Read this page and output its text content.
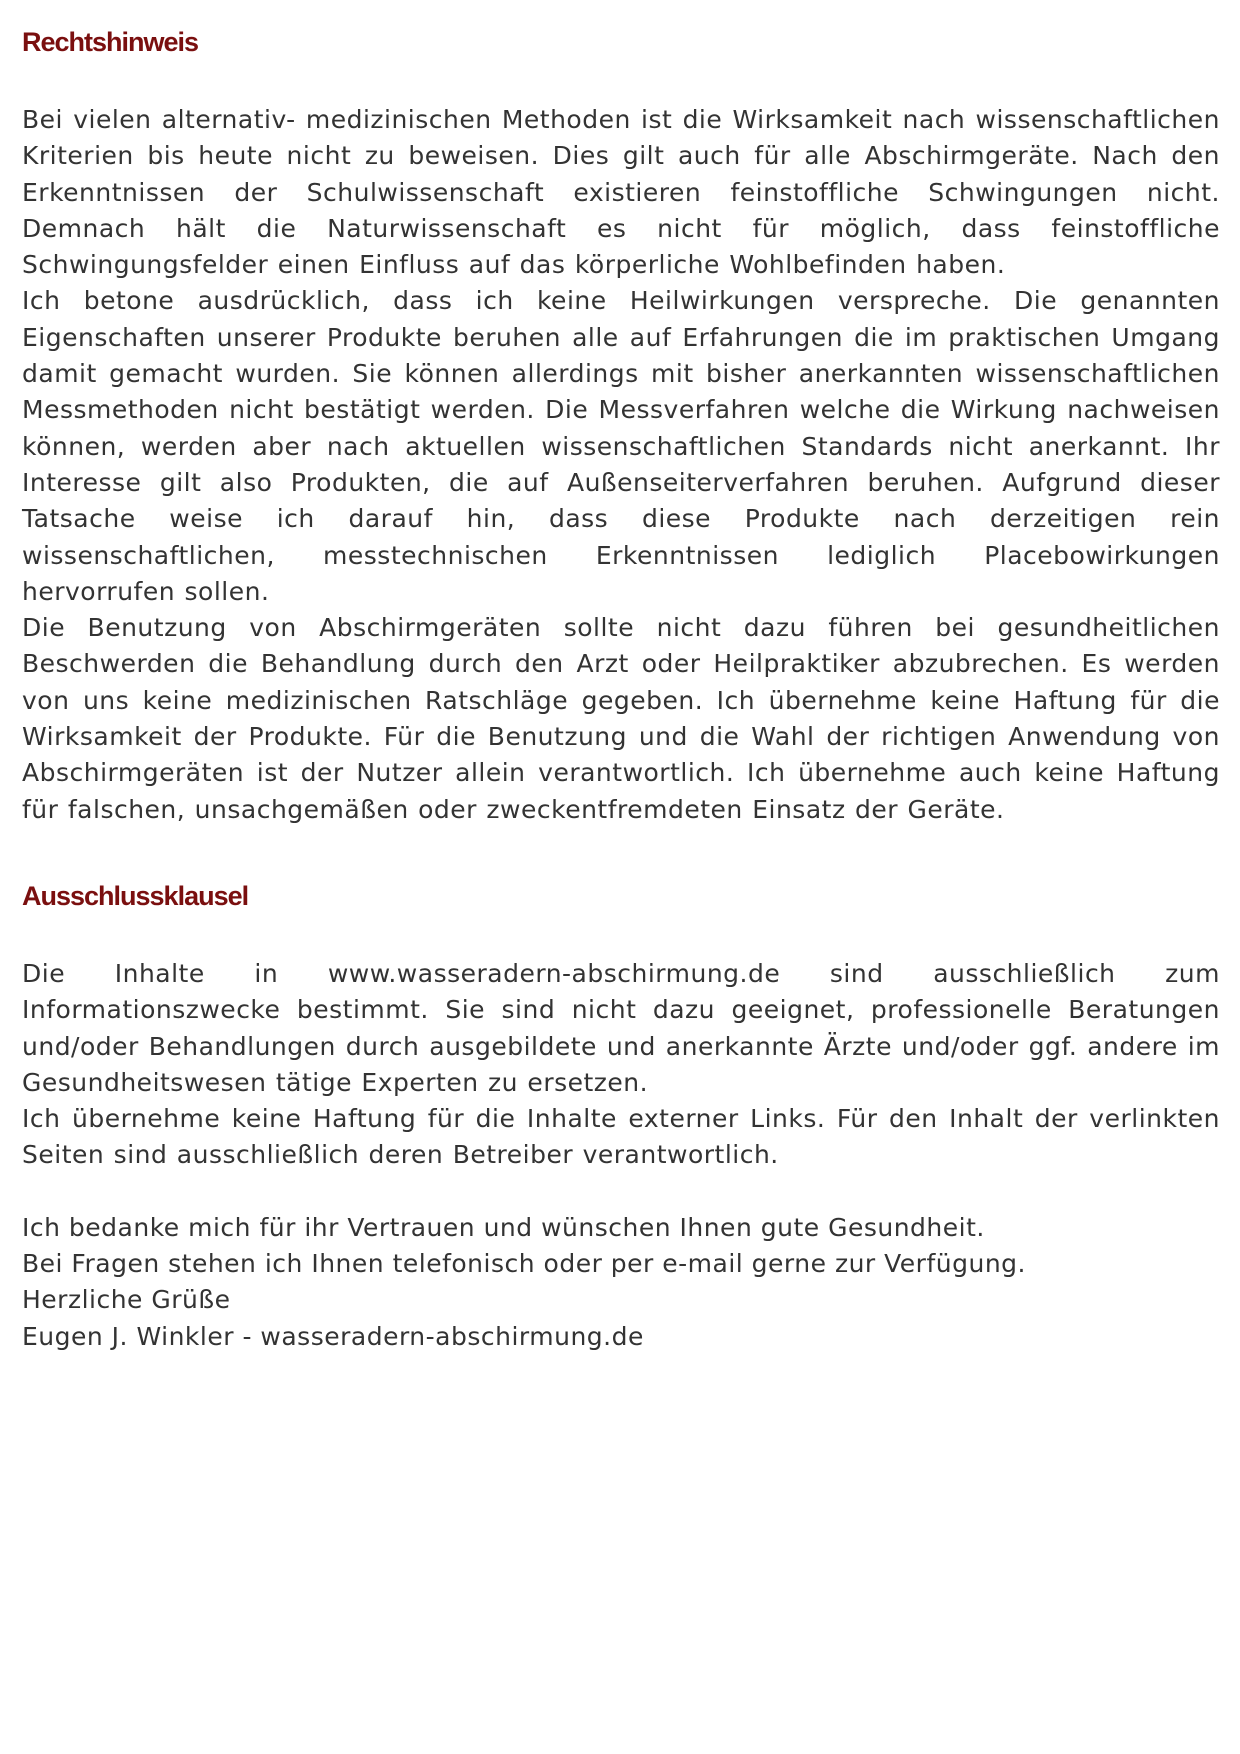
Rechtshinweis

Bei vielen alternativ- medizinischen Methoden ist die Wirksamkeit nach wissenschaftlichen Kriterien bis heute nicht zu beweisen. Dies gilt auch für alle Abschirmgeräte. Nach den Erkenntnissen der Schulwissenschaft existieren feinstoffliche Schwingungen nicht. Demnach hält die Naturwissenschaft es nicht für möglich, dass feinstoffliche Schwingungsfelder einen Einfluss auf das körperliche Wohlbefinden haben.

Ich betone ausdrücklich, dass ich keine Heilwirkungen verspreche. Die genannten Eigenschaften unserer Produkte beruhen alle auf Erfahrungen die im praktischen Umgang damit gemacht wurden. Sie können allerdings mit bisher anerkannten wissenschaftlichen Messmethoden nicht bestätigt werden. Die Messverfahren welche die Wirkung nachweisen können, werden aber nach aktuellen wissenschaftlichen Standards nicht anerkannt. Ihr Interesse gilt also Produkten, die auf Außenseiterverfahren beruhen. Aufgrund dieser Tatsache weise ich darauf hin, dass diese Produkte nach derzeitigen rein wissenschaftlichen, messtechnischen Erkenntnissen lediglich Placebowirkungen hervorrufen sollen.

Die Benutzung von Abschirmgeräten sollte nicht dazu führen bei gesundheitlichen Beschwerden die Behandlung durch den Arzt oder Heilpraktiker abzubrechen. Es werden von uns keine medizinischen Ratschläge gegeben. Ich übernehme keine Haftung für die Wirksamkeit der Produkte. Für die Benutzung und die Wahl der richtigen Anwendung von Abschirmgeräten ist der Nutzer allein verantwortlich. Ich übernehme auch keine Haftung für falschen, unsachgemäßen oder zweckentfremdeten Einsatz der Geräte.

Ausschlussklausel

Die Inhalte in www.wasseradern-abschirmung.de sind ausschließlich zum Informationszwecke bestimmt. Sie sind nicht dazu geeignet, professionelle Beratungen und/oder Behandlungen durch ausgebildete und anerkannte Ärzte und/oder ggf. andere im Gesundheitswesen tätige Experten zu ersetzen.

Ich übernehme keine Haftung für die Inhalte externer Links. Für den Inhalt der verlinkten Seiten sind ausschließlich deren Betreiber verantwortlich.

Ich bedanke mich für ihr Vertrauen und wünschen Ihnen gute Gesundheit.

Bei Fragen stehen ich Ihnen telefonisch oder per e-mail gerne zur Verfügung.

Herzliche Grüße

Eugen J. Winkler - wasseradern-abschirmung.de
